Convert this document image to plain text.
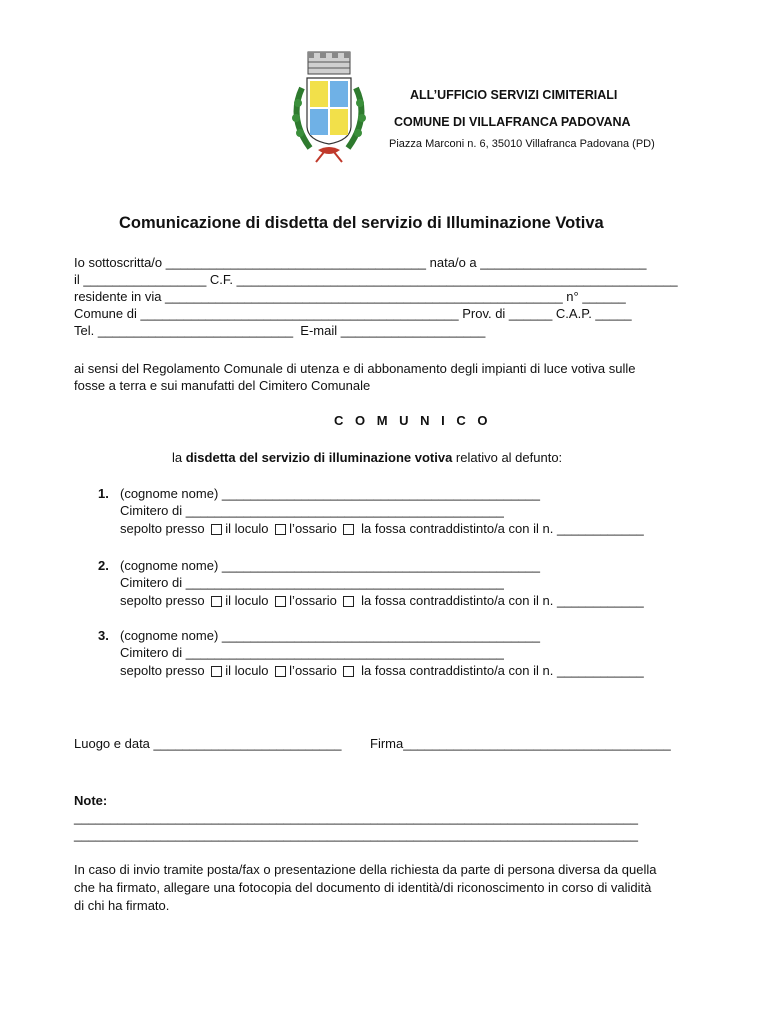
ALL’UFFICIO SERVIZI CIMITERIALI
COMUNE DI VILLAFRANCA PADOVANA
Piazza Marconi n. 6, 35010 Villafranca Padovana (PD)
Comunicazione di disdetta del servizio di Illuminazione Votiva
Io sottoscritta/o ____________________________________ nata/o a _______________________
il _________________ C.F. _____________________________________________________________
residente in via _______________________________________________________ n° ______
Comune di ____________________________________________ Prov. di ______ C.A.P. _____
Tel. ___________________________  E-mail ____________________
ai sensi del Regolamento Comunale di utenza e di abbonamento degli impianti di luce votiva sulle
fosse a terra e sui manufatti del Cimitero Comunale
C O M U N I C O
la disdetta del servizio di illuminazione votiva relativo al defunto:
1. (cognome nome) ____________________________________________
Cimitero di ____________________________________________
sepolto presso il loculo l’ossario la fossa contraddistinto/a con il n. ____________
2. (cognome nome) ____________________________________________
Cimitero di ____________________________________________
sepolto presso il loculo l’ossario la fossa contraddistinto/a con il n. ____________
3. (cognome nome) ____________________________________________
Cimitero di ____________________________________________
sepolto presso il loculo l’ossario la fossa contraddistinto/a con il n. ____________
Luogo e data __________________________ Firma_____________________________________
Note:
______________________________________________________________________________
______________________________________________________________________________
In caso di invio tramite posta/fax o presentazione della richiesta da parte di persona diversa da quella
che ha firmato, allegare una fotocopia del documento di identità/di riconoscimento in corso di validità
di chi ha firmato.
